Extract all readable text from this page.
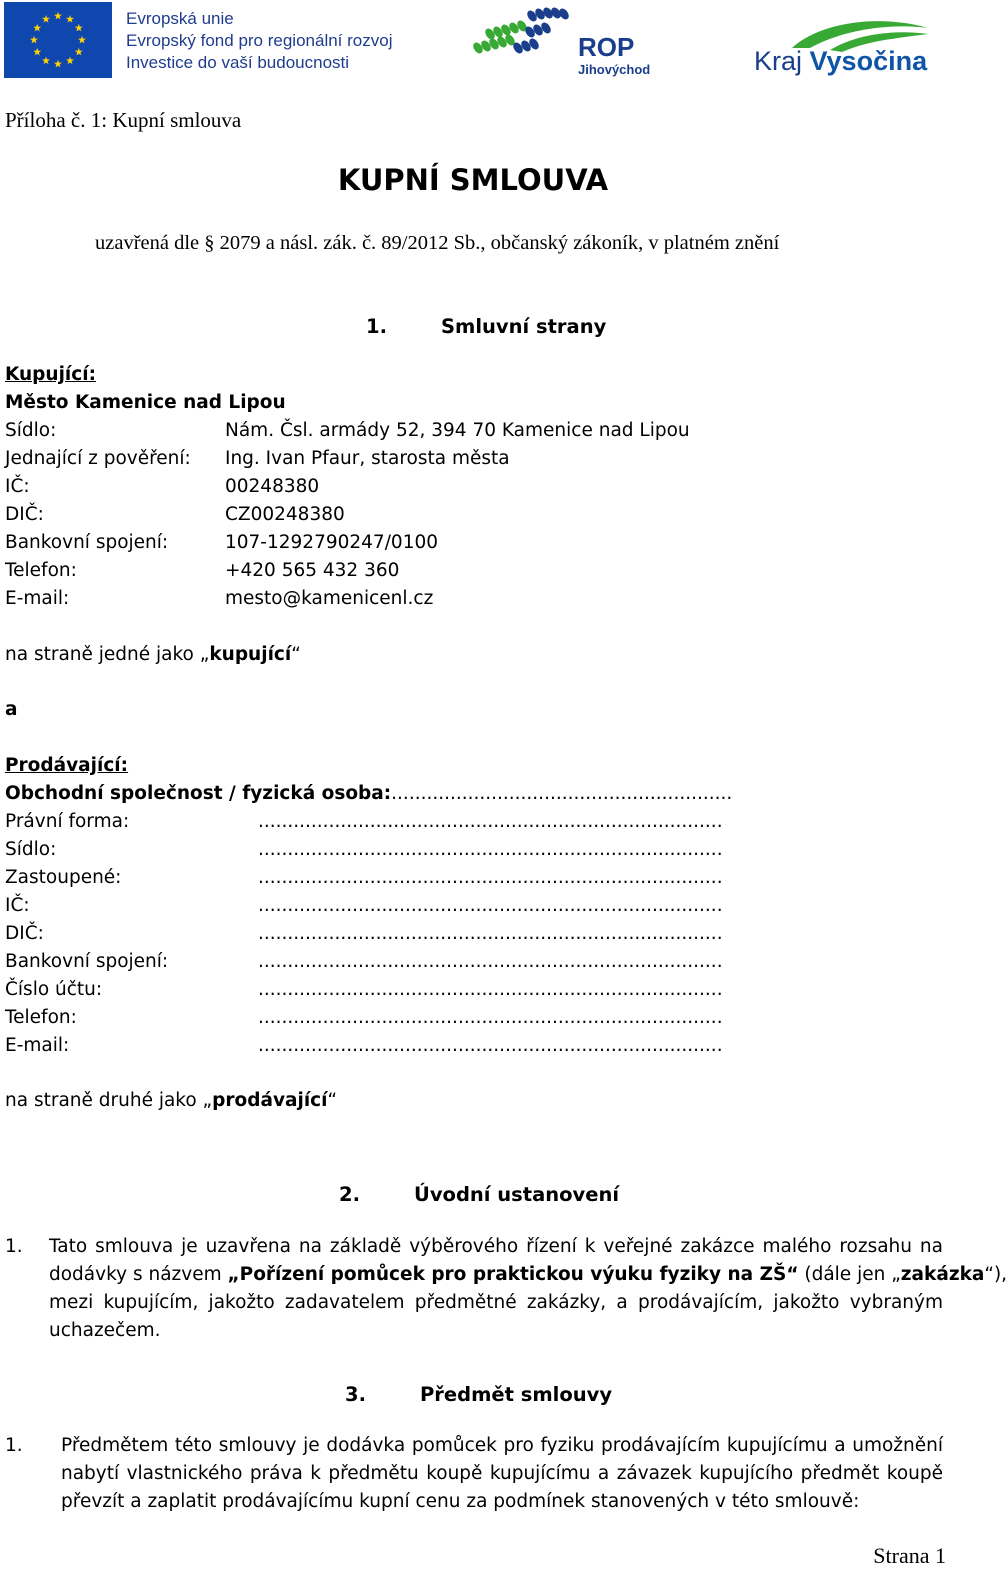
Evropská unie
Evropský fond pro regionální rozvoj
Investice do vaší budoucnosti
ROP
Jihovýchod	Kraj Vysočina
Příloha č. 1: Kupní smlouva
KUPNÍ SMLOUVA
uzavřená dle § 2079 a násl. zák. č. 89/2012 Sb., občanský zákoník, v platném znění
1.	Smluvní strany
Kupující:
Město Kamenice nad Lipou
Sídlo:	Nám. Čsl. armády 52, 394 70 Kamenice nad Lipou
Jednající z pověření: Ing. Ivan Pfaur, starosta města
IČ:	00248380
DIČ:	CZ00248380
Bankovní spojení:	107-1292790247/0100
Telefon:	+420 565 432 360
E-mail:	mesto@kamenicenl.cz
na straně jedné jako „kupující“
a
Prodávající:
Obchodní společnost / fyzická osoba:..........................................................
Právní forma:	...............................................................................
Sídlo:	...............................................................................
Zastoupené:	...............................................................................
IČ:	...............................................................................
DIČ:	...............................................................................
Bankovní spojení:	...............................................................................
Číslo účtu:	...............................................................................
Telefon:	...............................................................................
E-mail:	...............................................................................
na straně druhé jako „prodávající“
2.	Úvodní ustanovení
1. Tato smlouva je uzavřena na základě výběrového řízení k veřejné zakázce malého rozsahu na
dodávky s názvem „Pořízení pomůcek pro praktickou výuku fyziky na ZŠ“ (dále jen „zakázka“),
mezi kupujícím, jakožto zadavatelem předmětné zakázky, a prodávajícím, jakožto vybraným
uchazečem.
3.	Předmět smlouvy
1. Předmětem této smlouvy je dodávka pomůcek pro fyziku prodávajícím kupujícímu a umožnění
nabytí vlastnického práva k předmětu koupě kupujícímu a závazek kupujícího předmět koupě
převzít a zaplatit prodávajícímu kupní cenu za podmínek stanovených v této smlouvě:
Strana 1
